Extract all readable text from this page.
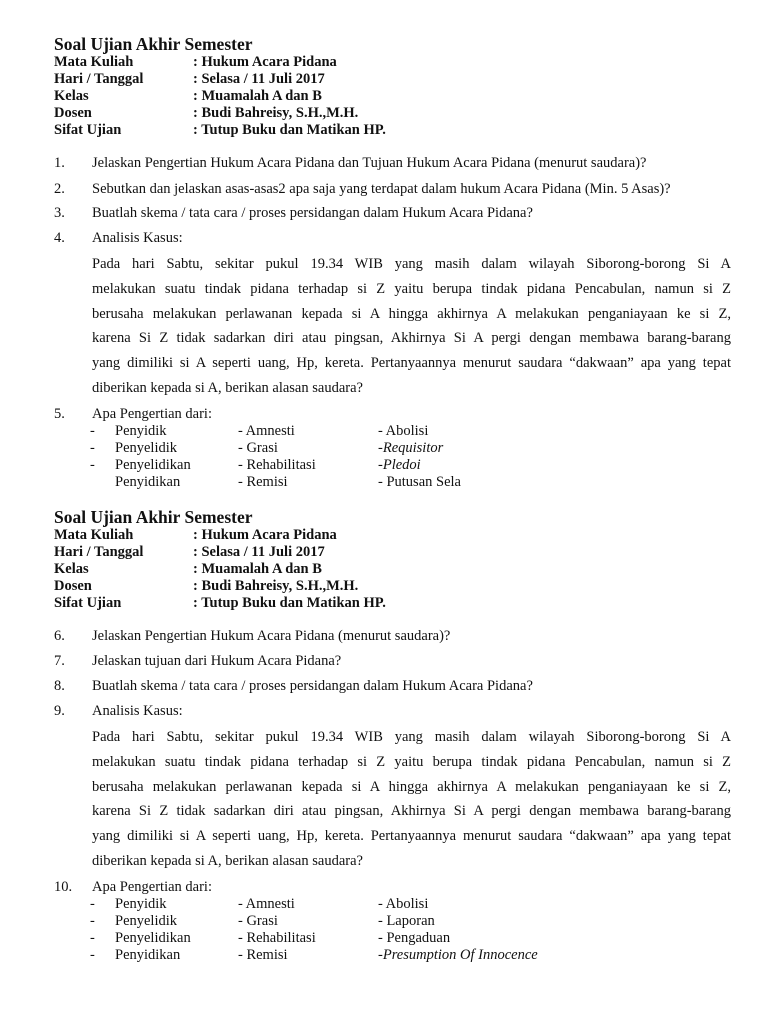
Soal Ujian Akhir Semester
Mata Kuliah	: Hukum Acara Pidana
Hari / Tanggal	: Selasa / 11 Juli 2017
Kelas	: Muamalah A dan B
Dosen	: Budi Bahreisy, S.H.,M.H.
Sifat Ujian	: Tutup Buku dan Matikan HP.
1.	Jelaskan Pengertian Hukum Acara Pidana dan Tujuan Hukum Acara Pidana (menurut saudara)?
2.	Sebutkan dan jelaskan asas-asas2 apa saja yang terdapat dalam hukum Acara Pidana (Min. 5 Asas)?
3.	Buatlah skema / tata cara / proses persidangan dalam Hukum Acara Pidana?
4.	Analisis Kasus:
Pada hari Sabtu, sekitar pukul 19.34 WIB yang masih dalam wilayah Siborong-borong Si A
melakukan suatu tindak pidana terhadap si Z yaitu berupa tindak pidana Pencabulan, namun si Z
berusaha melakukan perlawanan kepada si A hingga akhirnya A melakukan penganiayaan ke si Z,
karena Si Z tidak sadarkan diri atau pingsan, Akhirnya Si A pergi dengan membawa barang-barang
yang dimiliki si A seperti uang, Hp, kereta. Pertanyaannya menurut saudara “dakwaan” apa yang tepat
diberikan kepada si A, berikan alasan saudara?
5.	Apa Pengertian dari:
-	Penyidik	- Amnesti	- Abolisi
-	Penyelidik	- Grasi	- Requisitor
-	Penyelidikan	- Rehabilitasi	- Pledoi
Penyidikan	- Remisi	- Putusan Sela
Soal Ujian Akhir Semester
Mata Kuliah	: Hukum Acara Pidana
Hari / Tanggal	: Selasa / 11 Juli 2017
Kelas	: Muamalah A dan B
Dosen	: Budi Bahreisy, S.H.,M.H.
Sifat Ujian	: Tutup Buku dan Matikan HP.
6.	Jelaskan Pengertian Hukum Acara Pidana (menurut saudara)?
7.	Jelaskan tujuan dari Hukum Acara Pidana?
8.	Buatlah skema / tata cara / proses persidangan dalam Hukum Acara Pidana?
9.	Analisis Kasus:
Pada hari Sabtu, sekitar pukul 19.34 WIB yang masih dalam wilayah Siborong-borong Si A
melakukan suatu tindak pidana terhadap si Z yaitu berupa tindak pidana Pencabulan, namun si Z
berusaha melakukan perlawanan kepada si A hingga akhirnya A melakukan penganiayaan ke si Z,
karena Si Z tidak sadarkan diri atau pingsan, Akhirnya Si A pergi dengan membawa barang-barang
yang dimiliki si A seperti uang, Hp, kereta. Pertanyaannya menurut saudara “dakwaan” apa yang tepat
diberikan kepada si A, berikan alasan saudara?
10.	Apa Pengertian dari:
-	Penyidik	- Amnesti	- Abolisi
-	Penyelidik	- Grasi	- Laporan
-	Penyelidikan	- Rehabilitasi	- Pengaduan
-	Penyidikan	- Remisi	- Presumption Of Innocence
